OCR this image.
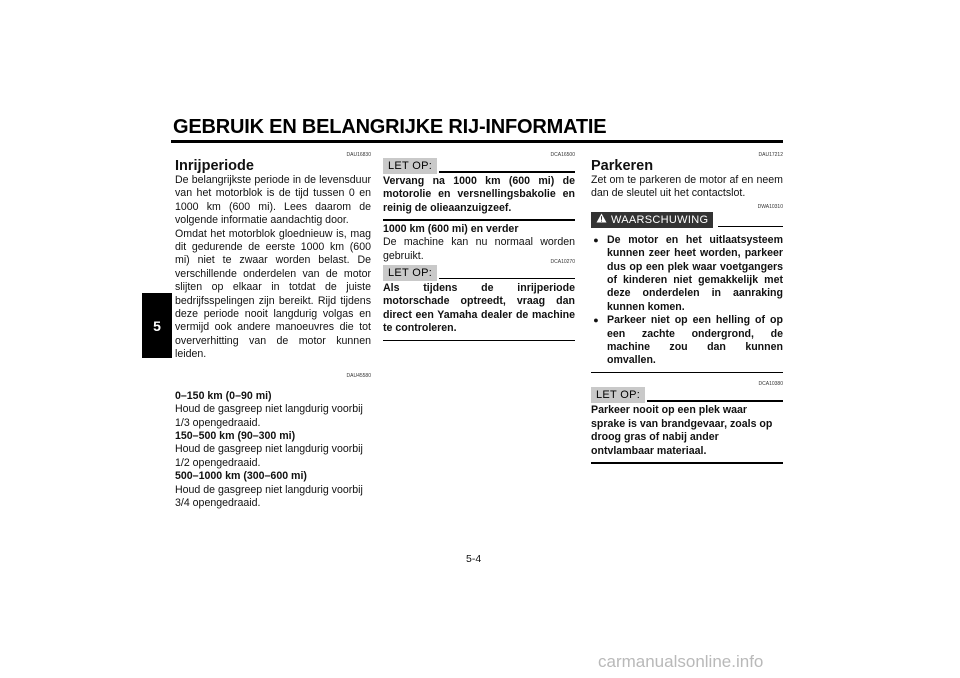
GEBRUIK EN BELANGRIJKE RIJ-INFORMATIE
5
DAU16830
Inrijperiode

De belangrijkste periode in de levensduur van het motorblok is de tijd tussen 0 en 1000 km (600 mi). Lees daarom de volgende informatie aandachtig door.

Omdat het motorblok gloednieuw is, mag dit gedurende de eerste 1000 km (600 mi) niet te zwaar worden belast. De verschillende onderdelen van de motor slijten op elkaar in totdat de juiste bedrijfsspelingen zijn bereikt. Rijd tijdens deze periode nooit langdurig volgas en vermijd ook andere manoeuvres die tot oververhitting van de motor kunnen leiden.

DAU45580
0–150 km (0–90 mi)

Houd de gasgreep niet langdurig voorbij 1/3 opengedraaid.

150–500 km (90–300 mi)

Houd de gasgreep niet langdurig voorbij 1/2 opengedraaid.

500–1000 km (300–600 mi)

Houd de gasgreep niet langdurig voorbij 3/4 opengedraaid.

DCA16500
LET OP:

Vervang na 1000 km (600 mi) de motorolie en versnellingsbakolie en reinig de olieaanzuigzeef.

1000 km (600 mi) en verder

De machine kan nu normaal worden gebruikt.

DCA10270
LET OP:

Als tijdens de inrijperiode motorschade optreedt, vraag dan direct een Yamaha dealer de machine te controleren.

DAU17212
Parkeren

Zet om te parkeren de motor af en neem dan de sleutel uit het contactslot.

DWA10310
WAARSCHUWING
● De motor en het uitlaatsysteem kunnen zeer heet worden, parkeer dus op een plek waar voetgangers of kinderen niet gemakkelijk met deze onderdelen in aanraking kunnen komen.
● Parkeer niet op een helling of op een zachte ondergrond, de machine zou dan kunnen omvallen.
DCA10380
LET OP:

Parkeer nooit op een plek waar sprake is van brandgevaar, zoals op droog gras of nabij ander ontvlambaar materiaal.

5-4
carmanualsonline.info
